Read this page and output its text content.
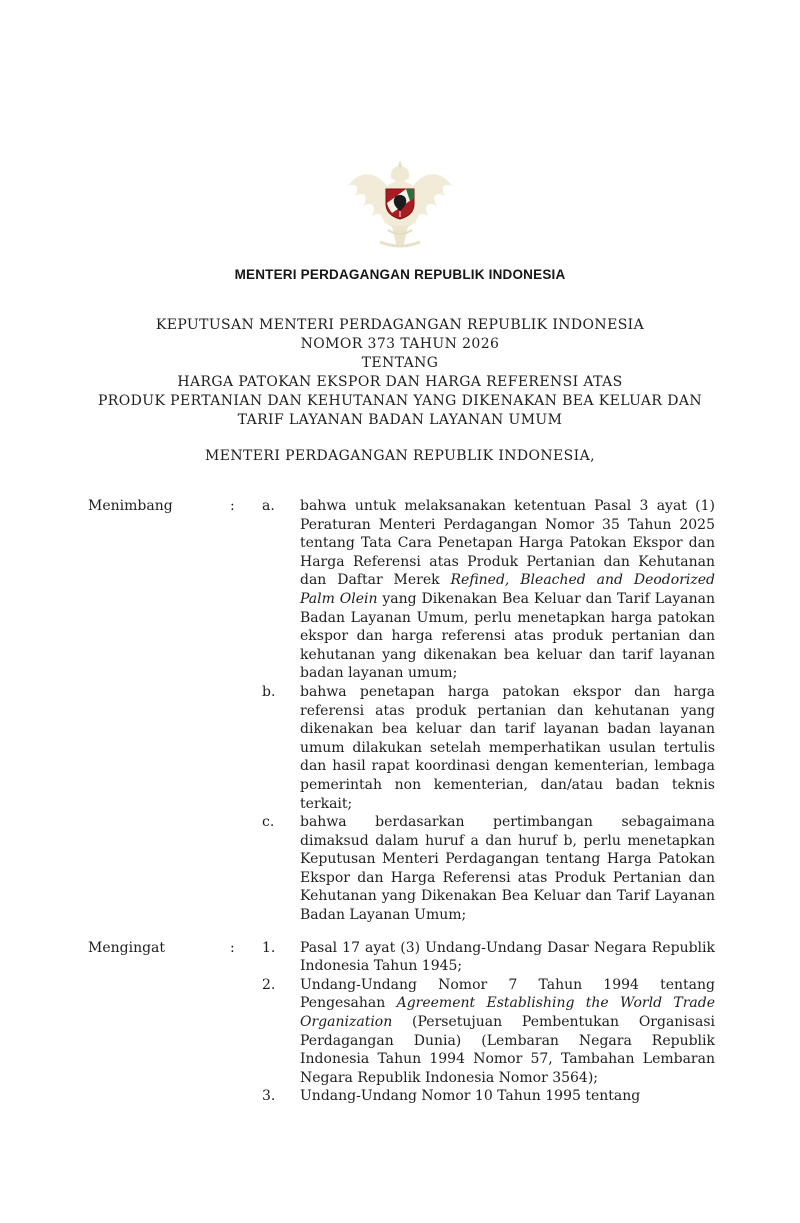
MENTERI PERDAGANGAN REPUBLIK INDONESIA
KEPUTUSAN MENTERI PERDAGANGAN REPUBLIK INDONESIA
NOMOR 373 TAHUN 2026
TENTANG
HARGA PATOKAN EKSPOR DAN HARGA REFERENSI ATAS
PRODUK PERTANIAN DAN KEHUTANAN YANG DIKENAKAN BEA KELUAR DAN
TARIF LAYANAN BADAN LAYANAN UMUM
MENTERI PERDAGANGAN REPUBLIK INDONESIA,
Menimbang	:	a.	bahwa untuk melaksanakan ketentuan Pasal 3 ayat (1) Peraturan Menteri Perdagangan Nomor 35 Tahun 2025 tentang Tata Cara Penetapan Harga Patokan Ekspor dan Harga Referensi atas Produk Pertanian dan Kehutanan dan Daftar Merek Refined, Bleached and Deodorized Palm Olein yang Dikenakan Bea Keluar dan Tarif Layanan Badan Layanan Umum, perlu menetapkan harga patokan ekspor dan harga referensi atas produk pertanian dan kehutanan yang dikenakan bea keluar dan tarif layanan badan layanan umum;
b.	bahwa penetapan harga patokan ekspor dan harga referensi atas produk pertanian dan kehutanan yang dikenakan bea keluar dan tarif layanan badan layanan umum dilakukan setelah memperhatikan usulan tertulis dan hasil rapat koordinasi dengan kementerian, lembaga pemerintah non kementerian, dan/atau badan teknis terkait;
c.	bahwa berdasarkan pertimbangan sebagaimana dimaksud dalam huruf a dan huruf b, perlu menetapkan Keputusan Menteri Perdagangan tentang Harga Patokan Ekspor dan Harga Referensi atas Produk Pertanian dan Kehutanan yang Dikenakan Bea Keluar dan Tarif Layanan Badan Layanan Umum;
Mengingat	:	1.	Pasal 17 ayat (3) Undang-Undang Dasar Negara Republik Indonesia Tahun 1945;
2.	Undang-Undang Nomor 7 Tahun 1994 tentang Pengesahan Agreement Establishing the World Trade Organization (Persetujuan Pembentukan Organisasi Perdagangan Dunia) (Lembaran Negara Republik Indonesia Tahun 1994 Nomor 57, Tambahan Lembaran Negara Republik Indonesia Nomor 3564);
3.	Undang-Undang Nomor 10 Tahun 1995 tentang
